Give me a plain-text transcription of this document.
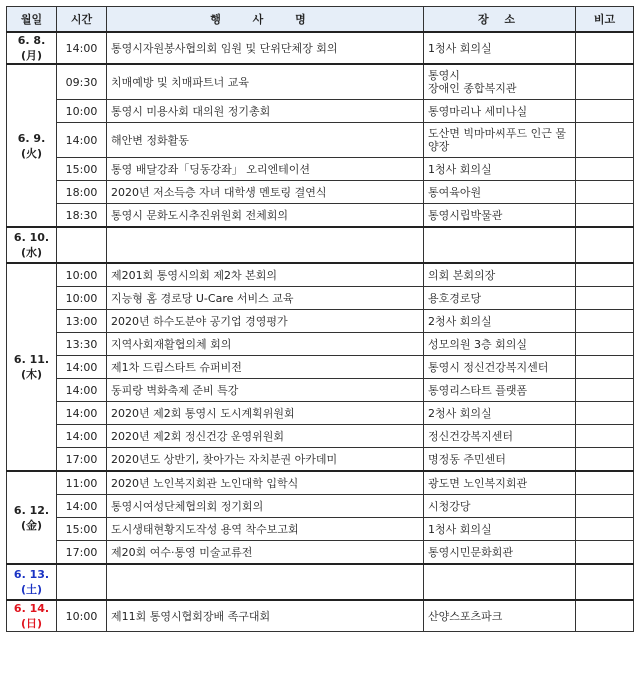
월일	시간	행 사 명	장 소	비고

6. 8.
(月)	14:00	통영시자원봉사협의회 임원 및 단위단체장 회의	1청사 회의실	

6. 9.
(火)	09:30	치매예방 및 치매파트너 교육	통영시
장애인 종합복지관	
	10:00	통영시 미용사회 대의원 정기총회	통영마리나 세미나실	
	14:00	해안변 정화활동	도산면 빅마마씨푸드 인근 물양장	
	15:00	통영 배달강좌「딩동강좌」 오리엔테이션	1청사 회의실	
	18:00	2020년 저소득층 자녀 대학생 멘토링 결연식	통여육아원	
	18:30	통영시 문화도시추진위원회 전체회의	통영시립박물관	

6. 10.
(水)				

6. 11.
(木)	10:00	제201회 통영시의회 제2차 본회의	의회 본회의장	
	10:00	지능형 홈 경로당 U-Care 서비스 교육	용호경로당	
	13:00	2020년 하수도분야 공기업 경영평가	2청사 회의실	
	13:30	지역사회재활협의체 회의	성모의원 3층 회의실	
	14:00	제1차 드림스타트 슈퍼비전	통영시 정신건강복지센터	
	14:00	동피랑 벽화축제 준비 특강	통영리스타트 플랫폼	
	14:00	2020년 제2회 통영시 도시계획위원회	2청사 회의실	
	14:00	2020년 제2회 정신건강 운영위원회	정신건강복지센터	
	17:00	2020년도 상반기, 찾아가는 자치분권 아카데미	명정동 주민센터	

6. 12.
(金)	11:00	2020년 노인복지회관 노인대학 입학식	광도면 노인복지회관	
	14:00	통영시여성단체협의회 정기회의	시청강당	
	15:00	도시생태현황지도작성 용역 착수보고회	1청사 회의실	
	17:00	제20회 여수·통영 미술교류전	통영시민문화회관	

6. 13.
(土)				

6. 14.
(日)	10:00	제11회 통영시협회장배 족구대회	산양스포츠파크	
